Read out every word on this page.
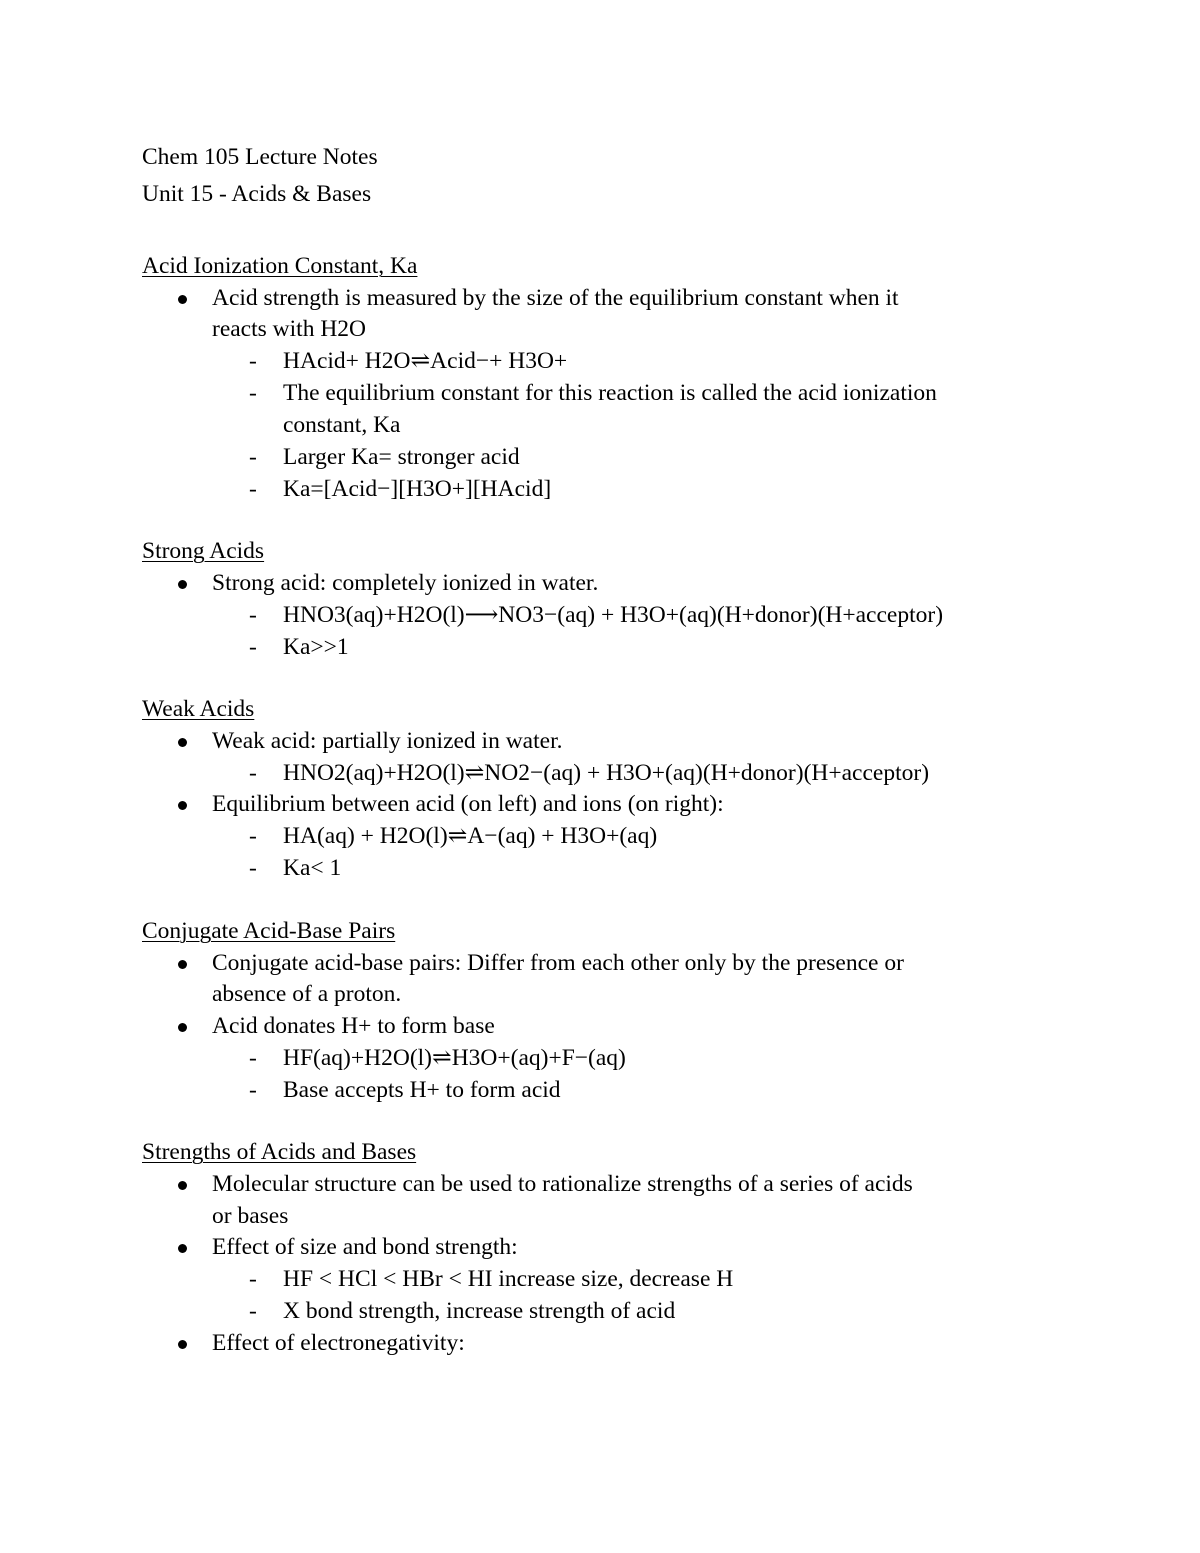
Chem 105 Lecture Notes
Unit 15 - Acids & Bases
Acid Ionization Constant, Ka
Acid strength is measured by the size of the equilibrium constant when it
reacts with H2O
- HAcid+ H2O⇌Acid−+ H3O+
- The equilibrium constant for this reaction is called the acid ionization
constant, Ka
- Larger Ka= stronger acid
- Ka=[Acid−][H3O+][HAcid]
Strong Acids
Strong acid: completely ionized in water.
- HNO3(aq)+H2O(l)⟶NO3−(aq) + H3O+(aq)(H+donor)(H+acceptor)
- Ka>>1
Weak Acids
Weak acid: partially ionized in water.
- HNO2(aq)+H2O(l)⇌NO2−(aq) + H3O+(aq)(H+donor)(H+acceptor)
Equilibrium between acid (on left) and ions (on right):
- HA(aq) + H2O(l)⇌A−(aq) + H3O+(aq)
- Ka< 1
Conjugate Acid-Base Pairs
Conjugate acid-base pairs: Differ from each other only by the presence or
absence of a proton.
Acid donates H+ to form base
- HF(aq)+H2O(l)⇌H3O+(aq)+F−(aq)
- Base accepts H+ to form acid
Strengths of Acids and Bases
Molecular structure can be used to rationalize strengths of a series of acids
or bases
Effect of size and bond strength:
- HF < HCl < HBr < HI increase size, decrease H
- X bond strength, increase strength of acid
Effect of electronegativity:
